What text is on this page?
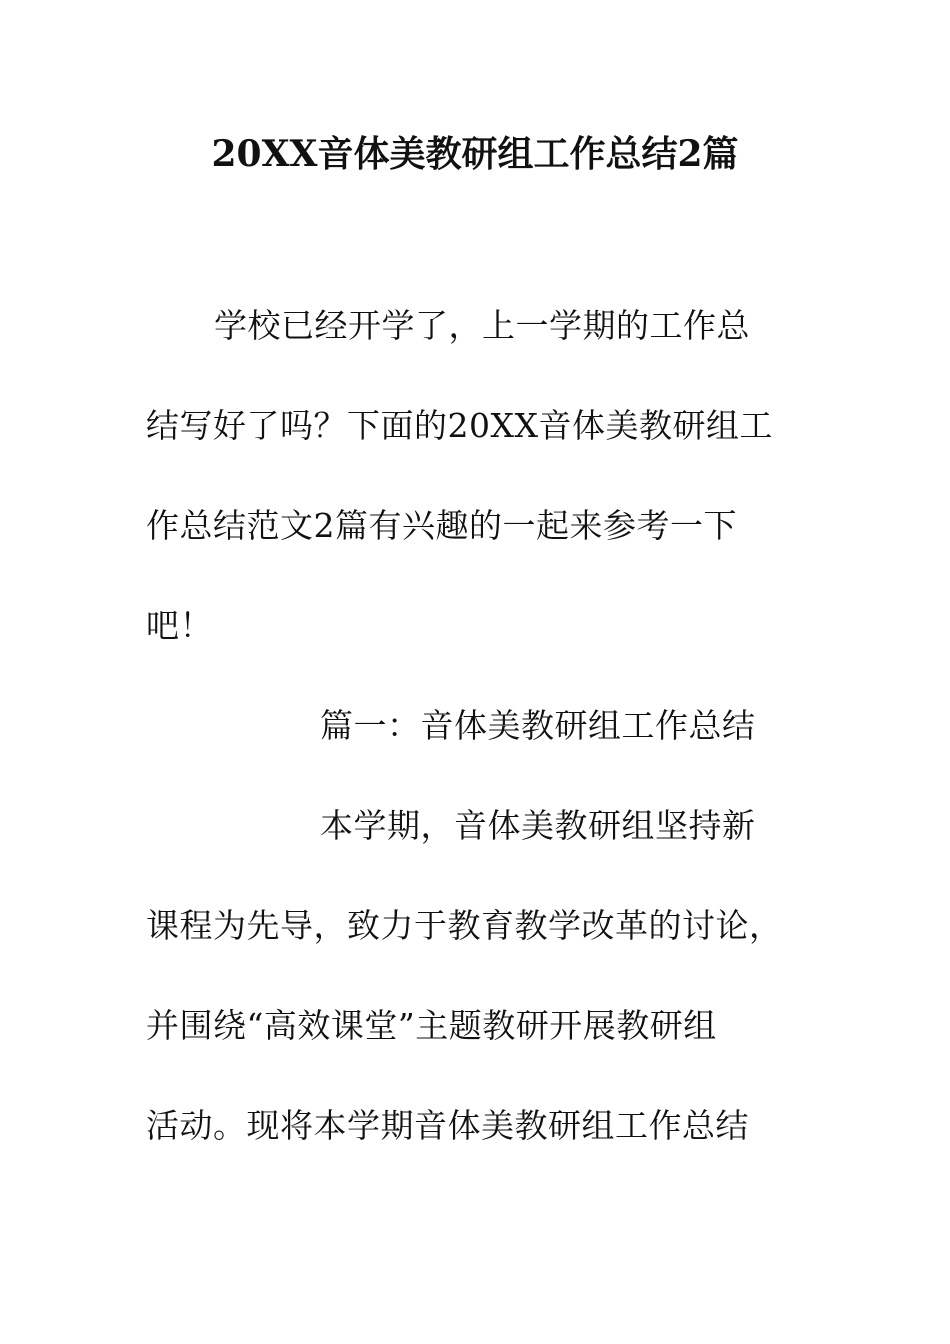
20XX音体美教研组工作总结2篇
学校已经开学了，上一学期的工作总
结写好了吗？下面的20XX音体美教研组工
作总结范文2篇有兴趣的一起来参考一下
吧！
篇一：音体美教研组工作总结
本学期，音体美教研组坚持新
课程为先导，致力于教育教学改革的讨论，
并围绕“高效课堂”主题教研开展教研组
活动。现将本学期音体美教研组工作总结
